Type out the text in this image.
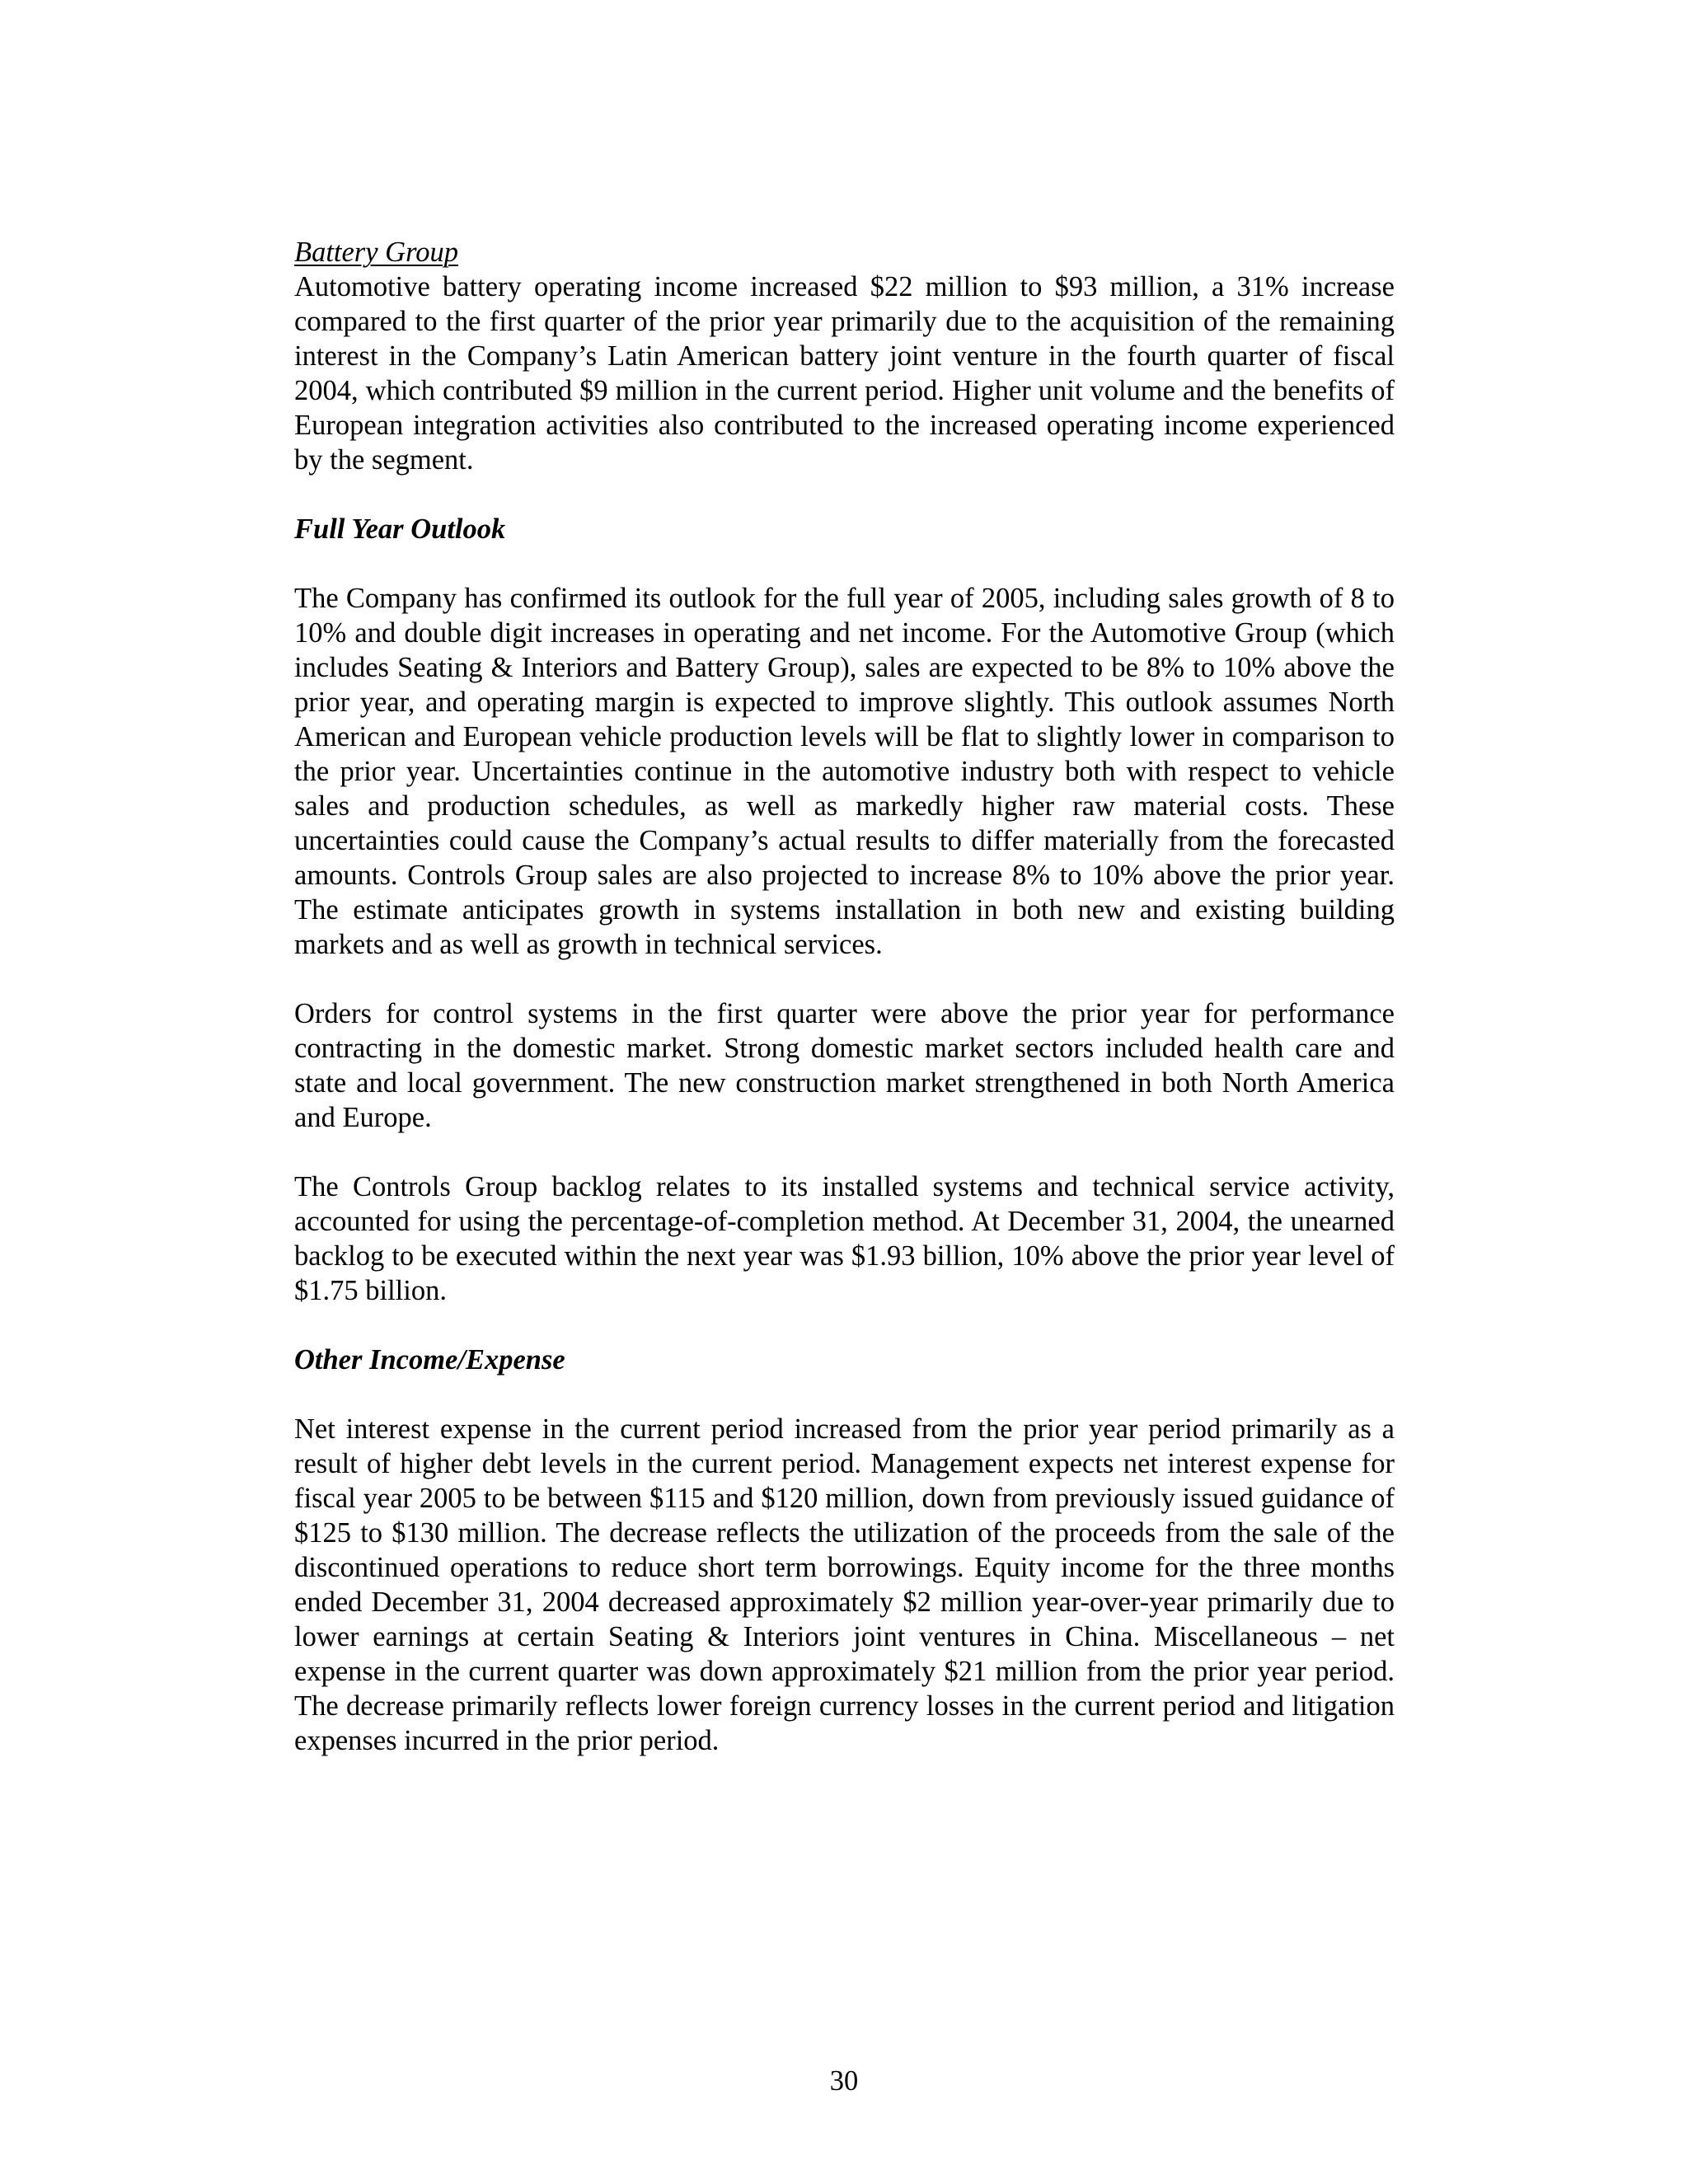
Battery Group

Automotive battery operating income increased $22 million to $93 million, a 31% increase compared to the first quarter of the prior year primarily due to the acquisition of the remaining interest in the Company’s Latin American battery joint venture in the fourth quarter of fiscal 2004, which contributed $9 million in the current period. Higher unit volume and the benefits of European integration activities also contributed to the increased operating income experienced by the segment.

Full Year Outlook

The Company has confirmed its outlook for the full year of 2005, including sales growth of 8 to 10% and double digit increases in operating and net income. For the Automotive Group (which includes Seating & Interiors and Battery Group), sales are expected to be 8% to 10% above the prior year, and operating margin is expected to improve slightly. This outlook assumes North American and European vehicle production levels will be flat to slightly lower in comparison to the prior year. Uncertainties continue in the automotive industry both with respect to vehicle sales and production schedules, as well as markedly higher raw material costs. These uncertainties could cause the Company’s actual results to differ materially from the forecasted amounts. Controls Group sales are also projected to increase 8% to 10% above the prior year. The estimate anticipates growth in systems installation in both new and existing building markets and as well as growth in technical services.

Orders for control systems in the first quarter were above the prior year for performance contracting in the domestic market. Strong domestic market sectors included health care and state and local government. The new construction market strengthened in both North America and Europe.

The Controls Group backlog relates to its installed systems and technical service activity, accounted for using the percentage-of-completion method. At December 31, 2004, the unearned backlog to be executed within the next year was $1.93 billion, 10% above the prior year level of $1.75 billion.

Other Income/Expense

Net interest expense in the current period increased from the prior year period primarily as a result of higher debt levels in the current period. Management expects net interest expense for fiscal year 2005 to be between $115 and $120 million, down from previously issued guidance of $125 to $130 million. The decrease reflects the utilization of the proceeds from the sale of the discontinued operations to reduce short term borrowings. Equity income for the three months ended December 31, 2004 decreased approximately $2 million year-over-year primarily due to lower earnings at certain Seating & Interiors joint ventures in China. Miscellaneous – net expense in the current quarter was down approximately $21 million from the prior year period. The decrease primarily reflects lower foreign currency losses in the current period and litigation expenses incurred in the prior period.

30
